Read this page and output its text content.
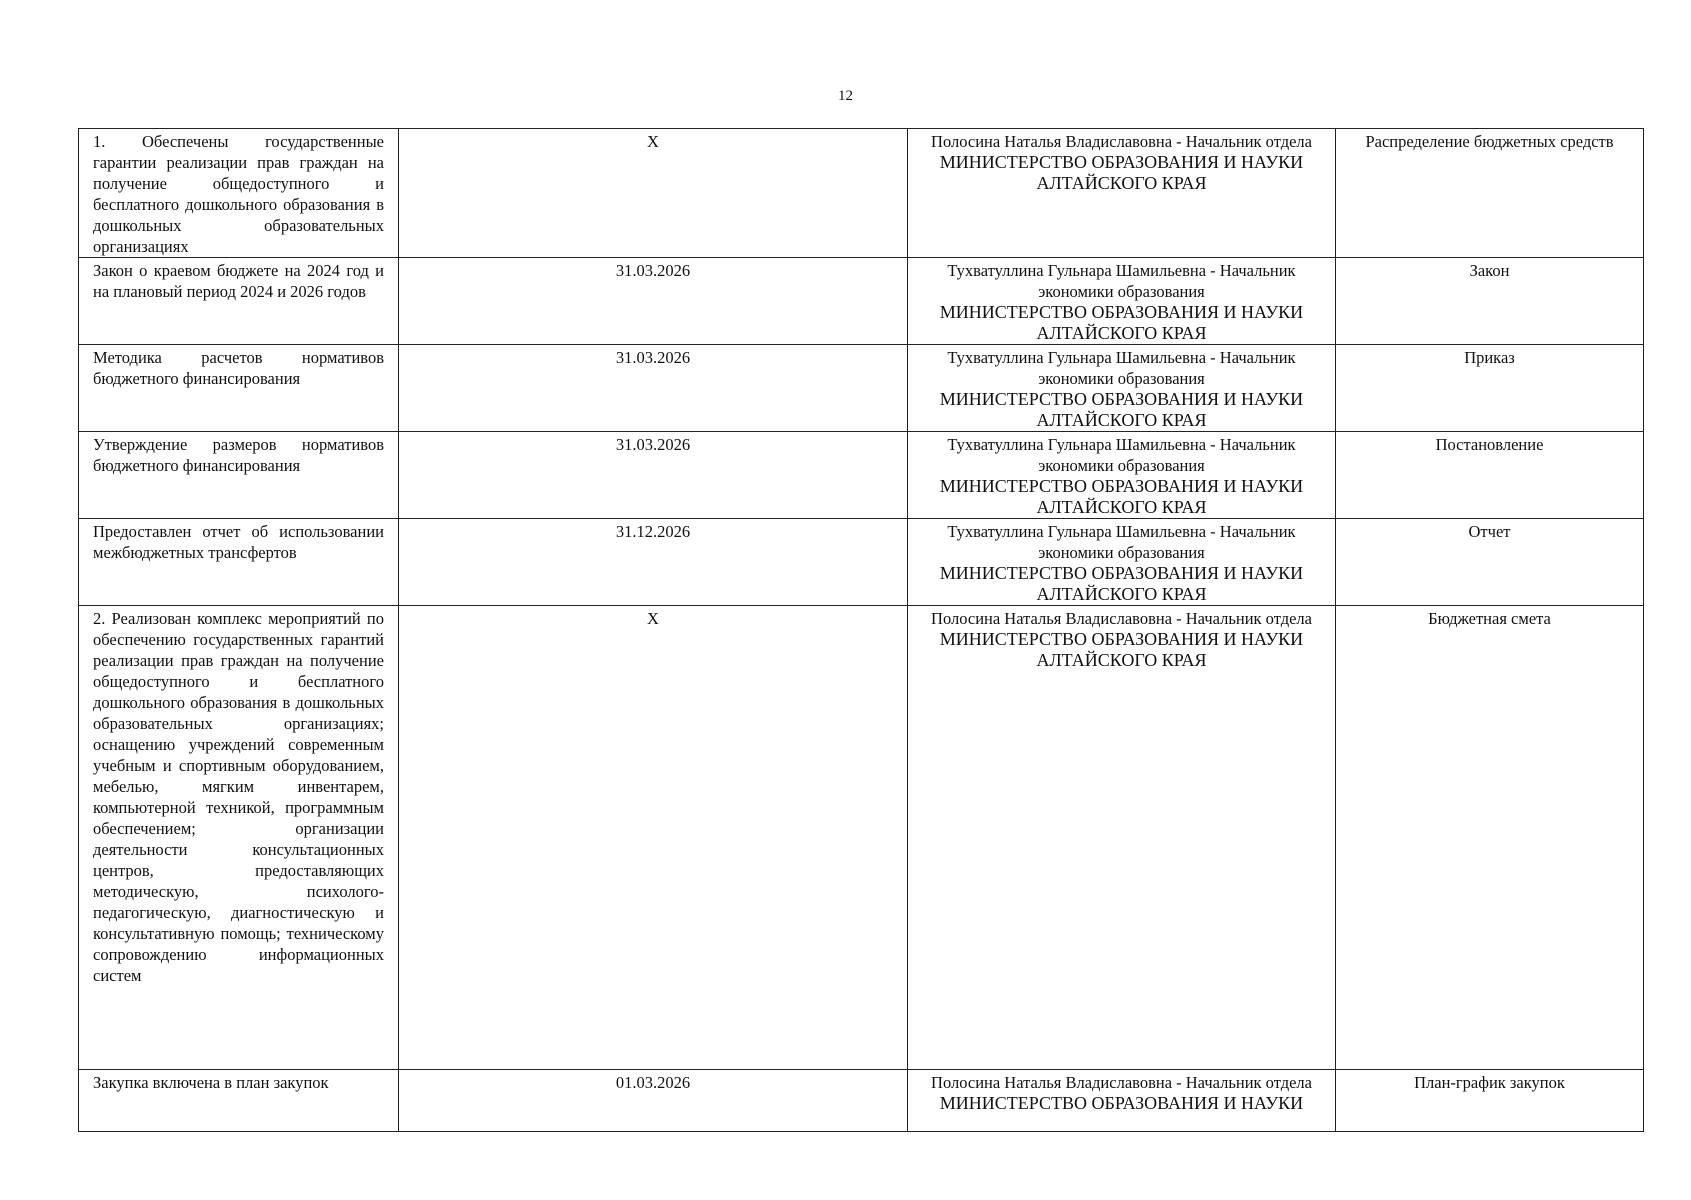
12
1. Обеспечены государственные гарантии реализации прав граждан на получение общедоступного и бесплатного дошкольного образования в дошкольных образовательных организациях	X	Полосина Наталья Владиславовна - Начальник отдела
МИНИСТЕРСТВО ОБРАЗОВАНИЯ И НАУКИ АЛТАЙСКОГО КРАЯ	Распределение бюджетных средств
Закон о краевом бюджете на 2024 год и на плановый период 2024 и 2026 годов	31.03.2026	Тухватуллина Гульнара Шамильевна - Начальник экономики образования
МИНИСТЕРСТВО ОБРАЗОВАНИЯ И НАУКИ АЛТАЙСКОГО КРАЯ	Закон
Методика расчетов нормативов бюджетного финансирования	31.03.2026	Тухватуллина Гульнара Шамильевна - Начальник экономики образования
МИНИСТЕРСТВО ОБРАЗОВАНИЯ И НАУКИ АЛТАЙСКОГО КРАЯ	Приказ
Утверждение размеров нормативов бюджетного финансирования	31.03.2026	Тухватуллина Гульнара Шамильевна - Начальник экономики образования
МИНИСТЕРСТВО ОБРАЗОВАНИЯ И НАУКИ АЛТАЙСКОГО КРАЯ	Постановление
Предоставлен отчет об использовании межбюджетных трансфертов	31.12.2026	Тухватуллина Гульнара Шамильевна - Начальник экономики образования
МИНИСТЕРСТВО ОБРАЗОВАНИЯ И НАУКИ АЛТАЙСКОГО КРАЯ	Отчет
2. Реализован комплекс мероприятий по обеспечению государственных гарантий реализации прав граждан на получение общедоступного и бесплатного дошкольного образования в дошкольных образовательных организациях; оснащению учреждений современным учебным и спортивным оборудованием, мебелью, мягким инвентарем, компьютерной техникой, программным обеспечением; организации деятельности консультационных центров, предоставляющих методическую, психолого-педагогическую, диагностическую и консультативную помощь; техническому сопровождению информационных систем	X	Полосина Наталья Владиславовна - Начальник отдела
МИНИСТЕРСТВО ОБРАЗОВАНИЯ И НАУКИ АЛТАЙСКОГО КРАЯ	Бюджетная смета
Закупка включена в план закупок	01.03.2026	Полосина Наталья Владиславовна - Начальник отдела
МИНИСТЕРСТВО ОБРАЗОВАНИЯ И НАУКИ	План-график закупок
